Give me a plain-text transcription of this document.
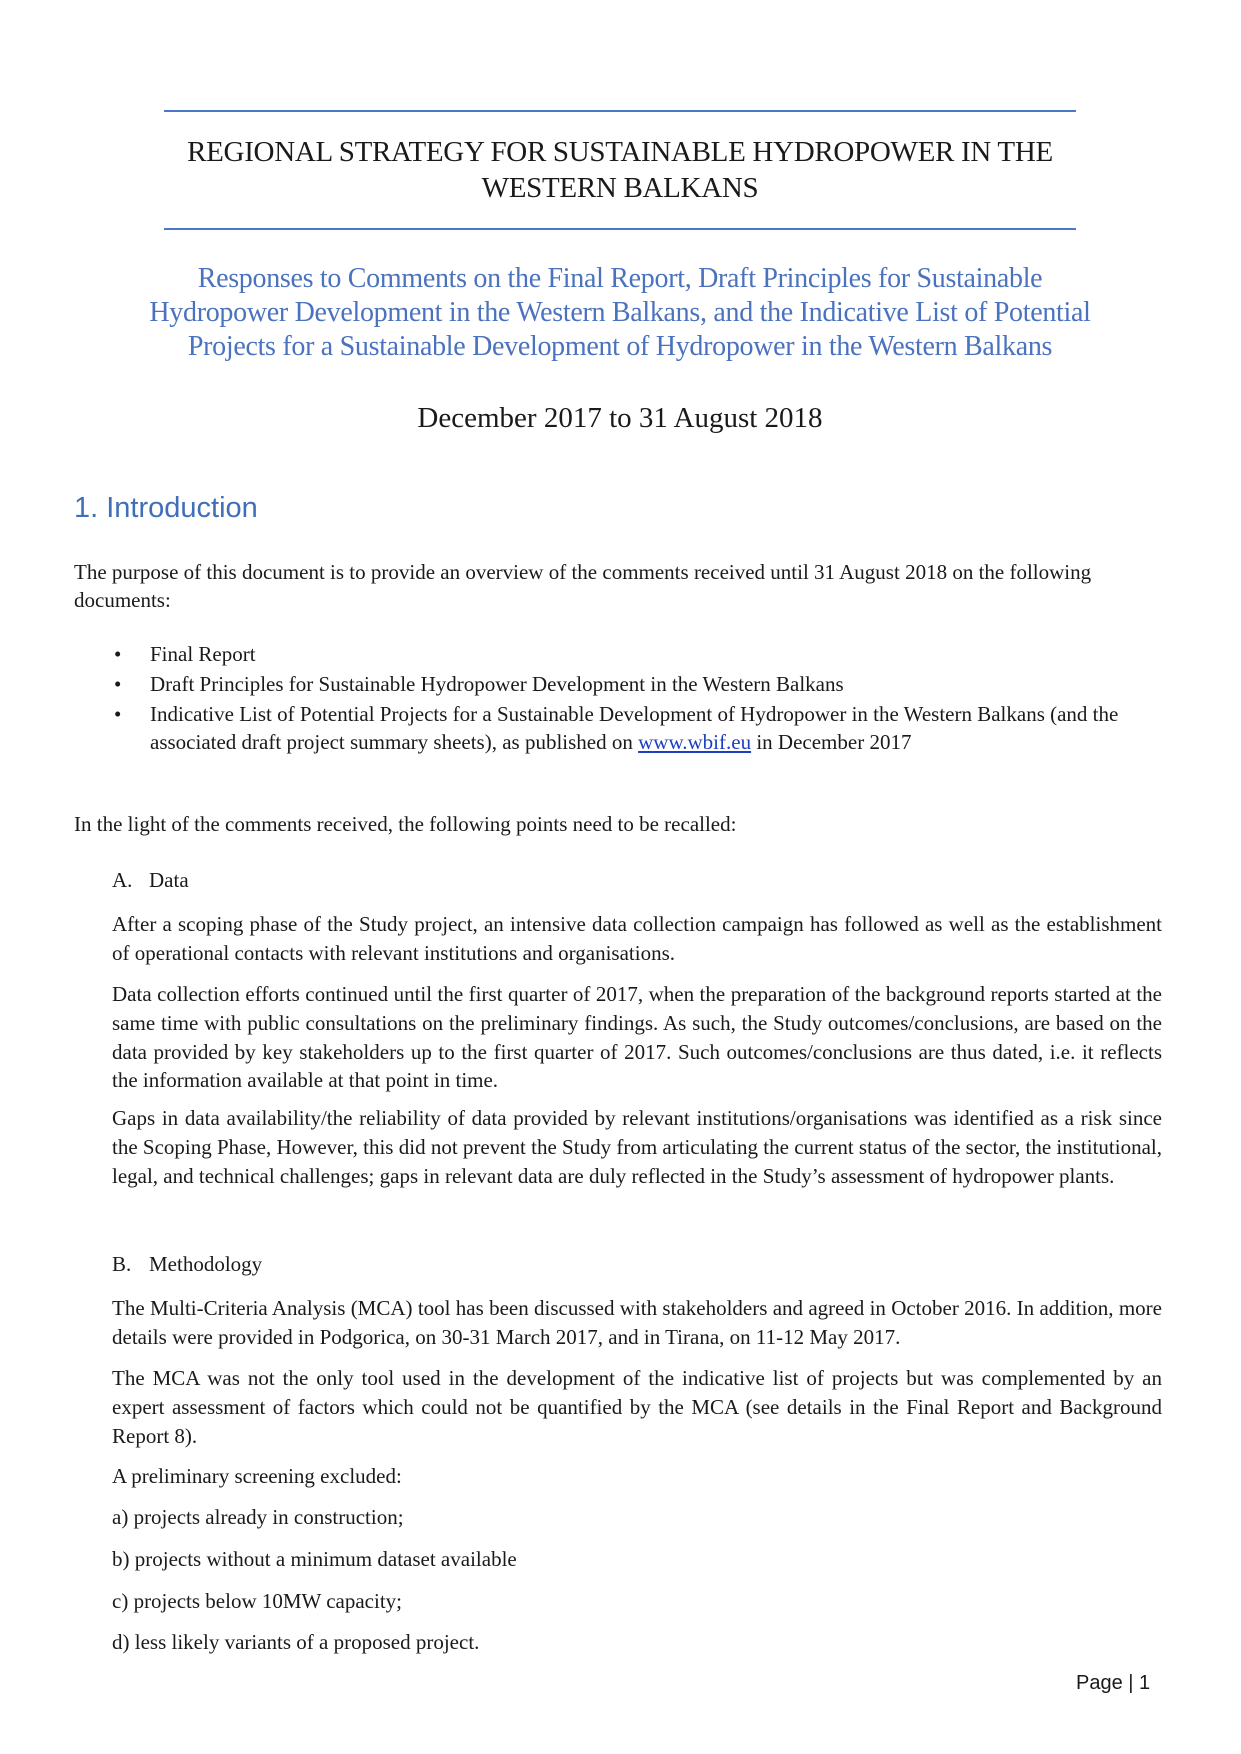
REGIONAL STRATEGY FOR SUSTAINABLE HYDROPOWER IN THE
WESTERN BALKANS
Responses to Comments on the Final Report, Draft Principles for Sustainable
Hydropower Development in the Western Balkans, and the Indicative List of Potential
Projects for a Sustainable Development of Hydropower in the Western Balkans
December 2017 to 31 August 2018
1. Introduction
The purpose of this document is to provide an overview of the comments received until 31 August 2018 on the following documents:
• Final Report
• Draft Principles for Sustainable Hydropower Development in the Western Balkans
• Indicative List of Potential Projects for a Sustainable Development of Hydropower in the Western Balkans (and the associated draft project summary sheets), as published on www.wbif.eu in December 2017
In the light of the comments received, the following points need to be recalled:
A. Data
After a scoping phase of the Study project, an intensive data collection campaign has followed as well as the establishment of operational contacts with relevant institutions and organisations.
Data collection efforts continued until the first quarter of 2017, when the preparation of the background reports started at the same time with public consultations on the preliminary findings. As such, the Study outcomes/conclusions, are based on the data provided by key stakeholders up to the first quarter of 2017. Such outcomes/conclusions are thus dated, i.e. it reflects the information available at that point in time.
Gaps in data availability/the reliability of data provided by relevant institutions/organisations was identified as a risk since the Scoping Phase, However, this did not prevent the Study from articulating the current status of the sector, the institutional, legal, and technical challenges; gaps in relevant data are duly reflected in the Study’s assessment of hydropower plants.
B. Methodology
The Multi-Criteria Analysis (MCA) tool has been discussed with stakeholders and agreed in October 2016. In addition, more details were provided in Podgorica, on 30-31 March 2017, and in Tirana, on 11-12 May 2017.
The MCA was not the only tool used in the development of the indicative list of projects but was complemented by an expert assessment of factors which could not be quantified by the MCA (see details in the Final Report and Background Report 8).
A preliminary screening excluded:
a) projects already in construction;
b) projects without a minimum dataset available
c) projects below 10MW capacity;
d) less likely variants of a proposed project.
Page | 1
